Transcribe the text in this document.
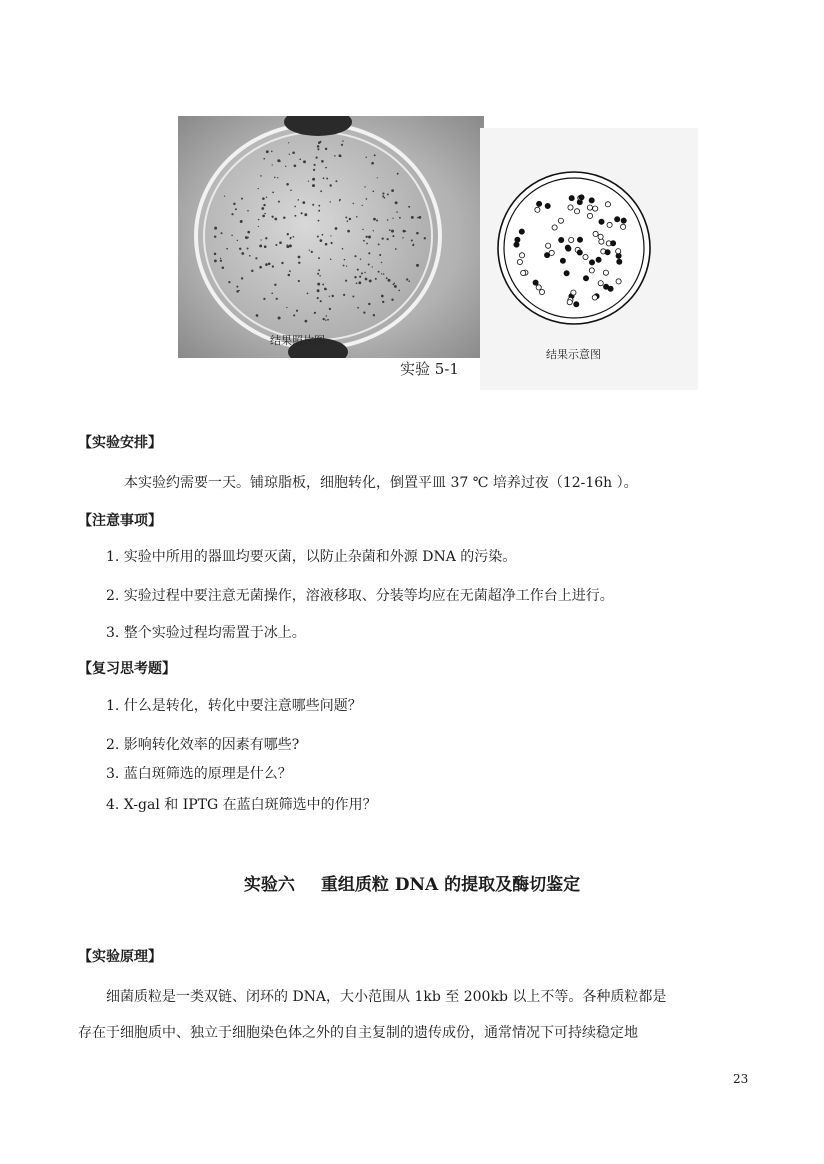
结果照片图
结果示意图
实验 5-1
【实验安排】
本实验约需要一天。铺琼脂板，细胞转化，倒置平皿 37 ℃ 培养过夜（12-16h ）。
【注意事项】
1. 实验中所用的器皿均要灭菌，以防止杂菌和外源 DNA 的污染。
2. 实验过程中要注意无菌操作，溶液移取、分装等均应在无菌超净工作台上进行。
3. 整个实验过程均需置于冰上。
【复习思考题】
1. 什么是转化，转化中要注意哪些问题？
2. 影响转化效率的因素有哪些?
3. 蓝白斑筛选的原理是什么？
4. X-gal 和 IPTG 在蓝白斑筛选中的作用？
实验六 重组质粒 DNA 的提取及酶切鉴定
【实验原理】
细菌质粒是一类双链、闭环的 DNA，大小范围从 1kb 至 200kb 以上不等。各种质粒都是
存在于细胞质中、独立于细胞染色体之外的自主复制的遗传成份，通常情况下可持续稳定地
23
